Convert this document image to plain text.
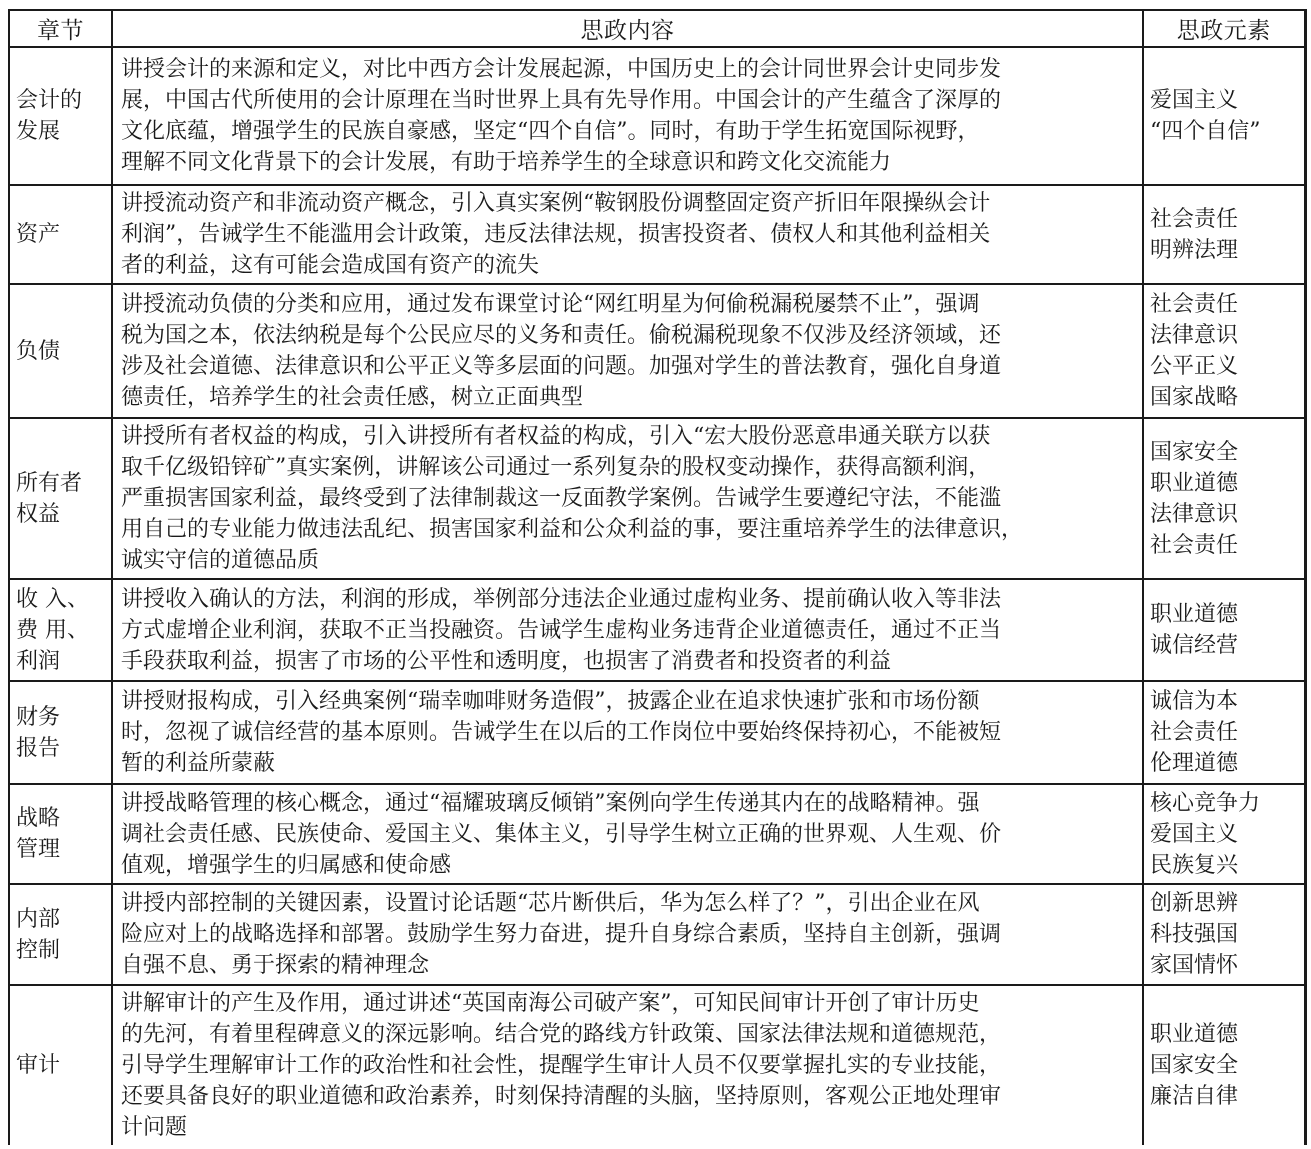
章节	思政内容	思政元素

会计的
发展	讲授会计的来源和定义，对比中西方会计发展起源，中国历史上的会计同世界会计史同步发
展，中国古代所使用的会计原理在当时世界上具有先导作用。中国会计的产生蕴含了深厚的
文化底蕴，增强学生的民族自豪感，坚定“四个自信”。同时，有助于学生拓宽国际视野，
理解不同文化背景下的会计发展，有助于培养学生的全球意识和跨文化交流能力	爱国主义
“四个自信”

资产	讲授流动资产和非流动资产概念，引入真实案例“鞍钢股份调整固定资产折旧年限操纵会计
利润”，告诫学生不能滥用会计政策，违反法律法规，损害投资者、债权人和其他利益相关
者的利益，这有可能会造成国有资产的流失	社会责任
明辨法理

负债	讲授流动负债的分类和应用，通过发布课堂讨论“网红明星为何偷税漏税屡禁不止”，强调
税为国之本，依法纳税是每个公民应尽的义务和责任。偷税漏税现象不仅涉及经济领域，还
涉及社会道德、法律意识和公平正义等多层面的问题。加强对学生的普法教育，强化自身道
德责任，培养学生的社会责任感，树立正面典型	社会责任
法律意识
公平正义
国家战略

所有者
权益	讲授所有者权益的构成，引入讲授所有者权益的构成，引入“宏大股份恶意串通关联方以获
取千亿级铅锌矿”真实案例，讲解该公司通过一系列复杂的股权变动操作，获得高额利润，
严重损害国家利益，最终受到了法律制裁这一反面教学案例。告诫学生要遵纪守法，不能滥
用自己的专业能力做违法乱纪、损害国家利益和公众利益的事，要注重培养学生的法律意识，
诚实守信的道德品质	国家安全
职业道德
法律意识
社会责任

收 入、
费 用、
利润	讲授收入确认的方法，利润的形成，举例部分违法企业通过虚构业务、提前确认收入等非法
方式虚增企业利润，获取不正当投融资。告诫学生虚构业务违背企业道德责任，通过不正当
手段获取利益，损害了市场的公平性和透明度，也损害了消费者和投资者的利益	职业道德
诚信经营

财务
报告	讲授财报构成，引入经典案例“瑞幸咖啡财务造假”，披露企业在追求快速扩张和市场份额
时，忽视了诚信经营的基本原则。告诫学生在以后的工作岗位中要始终保持初心，不能被短
暂的利益所蒙蔽	诚信为本
社会责任
伦理道德

战略
管理	讲授战略管理的核心概念，通过“福耀玻璃反倾销”案例向学生传递其内在的战略精神。强
调社会责任感、民族使命、爱国主义、集体主义，引导学生树立正确的世界观、人生观、价
值观，增强学生的归属感和使命感	核心竞争力
爱国主义
民族复兴

内部
控制	讲授内部控制的关键因素，设置讨论话题“芯片断供后，华为怎么样了？”，引出企业在风
险应对上的战略选择和部署。鼓励学生努力奋进，提升自身综合素质，坚持自主创新，强调
自强不息、勇于探索的精神理念	创新思辨
科技强国
家国情怀

审计	讲解审计的产生及作用，通过讲述“英国南海公司破产案”，可知民间审计开创了审计历史
的先河，有着里程碑意义的深远影响。结合党的路线方针政策、国家法律法规和道德规范，
引导学生理解审计工作的政治性和社会性，提醒学生审计人员不仅要掌握扎实的专业技能，
还要具备良好的职业道德和政治素养，时刻保持清醒的头脑，坚持原则，客观公正地处理审
计问题	职业道德
国家安全
廉洁自律
